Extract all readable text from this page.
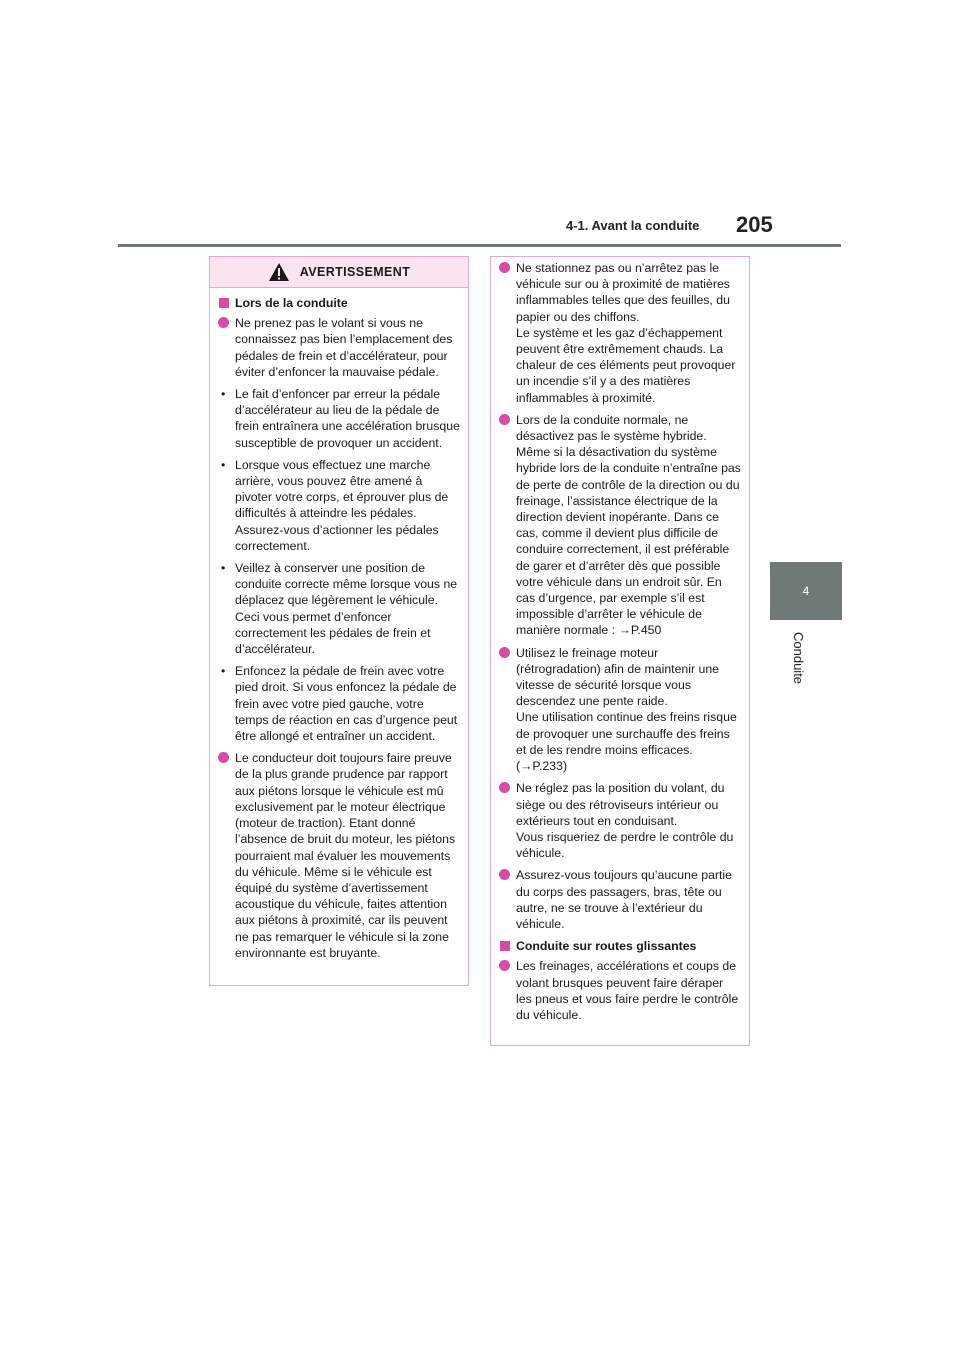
4-1. Avant la conduite 205
4
Conduite
AVERTISSEMENT
Lors de la conduite
Ne prenez pas le volant si vous ne connaissez pas bien l’emplacement des pédales de frein et d’accélérateur, pour éviter d’enfoncer la mauvaise pédale.
• Le fait d’enfoncer par erreur la pédale d’accélérateur au lieu de la pédale de frein entraînera une accélération brusque susceptible de provoquer un accident.
• Lorsque vous effectuez une marche arrière, vous pouvez être amené à pivoter votre corps, et éprouver plus de difficultés à atteindre les pédales. Assurez-vous d’actionner les pédales correctement.
• Veillez à conserver une position de conduite correcte même lorsque vous ne déplacez que légèrement le véhicule. Ceci vous permet d’enfoncer correctement les pédales de frein et d’accélérateur.
• Enfoncez la pédale de frein avec votre pied droit. Si vous enfoncez la pédale de frein avec votre pied gauche, votre temps de réaction en cas d’urgence peut être allongé et entraîner un accident.
Le conducteur doit toujours faire preuve de la plus grande prudence par rapport aux piétons lorsque le véhicule est mû exclusivement par le moteur électrique (moteur de traction). Etant donné l’absence de bruit du moteur, les piétons pourraient mal évaluer les mouvements du véhicule. Même si le véhicule est équipé du système d’avertissement acoustique du véhicule, faites attention aux piétons à proximité, car ils peuvent ne pas remarquer le véhicule si la zone environnante est bruyante.

Ne stationnez pas ou n’arrêtez pas le véhicule sur ou à proximité de matières inflammables telles que des feuilles, du papier ou des chiffons.

Le système et les gaz d’échappement peuvent être extrêmement chauds. La chaleur de ces éléments peut provoquer un incendie s’il y a des matières inflammables à proximité.

Lors de la conduite normale, ne désactivez pas le système hybride. Même si la désactivation du système hybride lors de la conduite n’entraîne pas de perte de contrôle de la direction ou du freinage, l’assistance électrique de la direction devient inopérante. Dans ce cas, comme il devient plus difficile de conduire correctement, il est préférable de garer et d’arrêter dès que possible votre véhicule dans un endroit sûr. En cas d’urgence, par exemple s’il est impossible d’arrêter le véhicule de manière normale : →P.450

Utilisez le freinage moteur (rétrogradation) afin de maintenir une vitesse de sécurité lorsque vous descendez une pente raide.

Une utilisation continue des freins risque de provoquer une surchauffe des freins et de les rendre moins efficaces. (→P.233)

Ne réglez pas la position du volant, du siège ou des rétroviseurs intérieur ou extérieurs tout en conduisant.

Vous risqueriez de perdre le contrôle du véhicule.

Assurez-vous toujours qu’aucune partie du corps des passagers, bras, tête ou autre, ne se trouve à l’extérieur du véhicule.
Conduite sur routes glissantes
Les freinages, accélérations et coups de volant brusques peuvent faire déraper les pneus et vous faire perdre le contrôle du véhicule.
